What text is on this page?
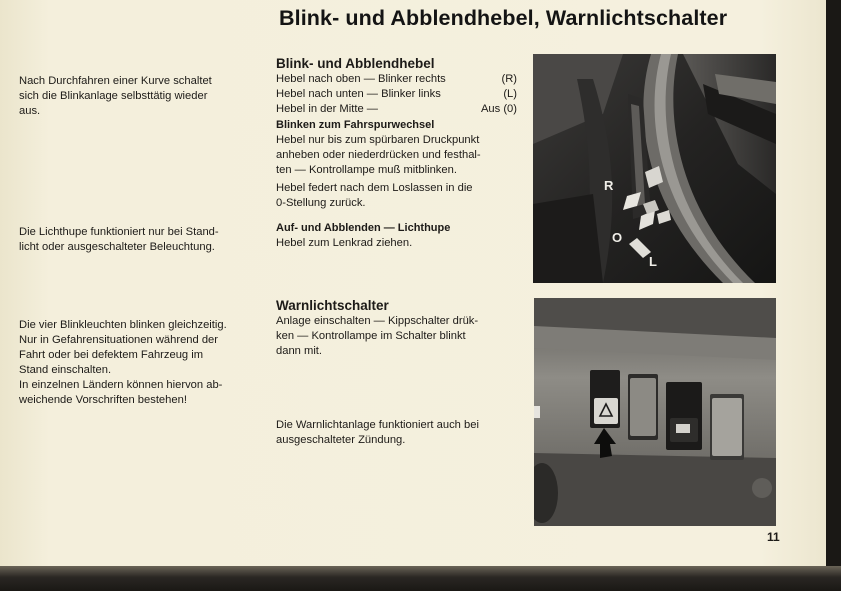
Blink- und Abblendhebel, Warnlichtschalter

Nach Durchfahren einer Kurve schaltet

sich die Blinkanlage selbsttätig wieder

aus.

Die Lichthupe funktioniert nur bei Stand-

licht oder ausgeschalteter Beleuchtung.

Die vier Blinkleuchten blinken gleichzeitig.

Nur in Gefahrensituationen während der

Fahrt oder bei defektem Fahrzeug im

Stand einschalten.

In einzelnen Ländern können hiervon ab-

weichende Vorschriften bestehen!

Blink- und Abblendhebel
Hebel nach oben — Blinker rechts	(R)
Hebel nach unten — Blinker links	(L)
Hebel in der Mitte —	Aus (0)
Blinken zum Fahrspurwechsel

Hebel nur bis zum spürbaren Druckpunkt

anheben oder niederdrücken und festhal-

ten — Kontrollampe muß mitblinken.

Hebel federt nach dem Loslassen in die

0-Stellung zurück.

Auf- und Abblenden — Lichthupe

Hebel zum Lenkrad ziehen.

Warnlichtschalter

Anlage einschalten — Kippschalter drük-

ken — Kontrollampe im Schalter blinkt

dann mit.

Die Warnlichtanlage funktioniert auch bei

ausgeschalteter Zündung.

R
O
L
11
